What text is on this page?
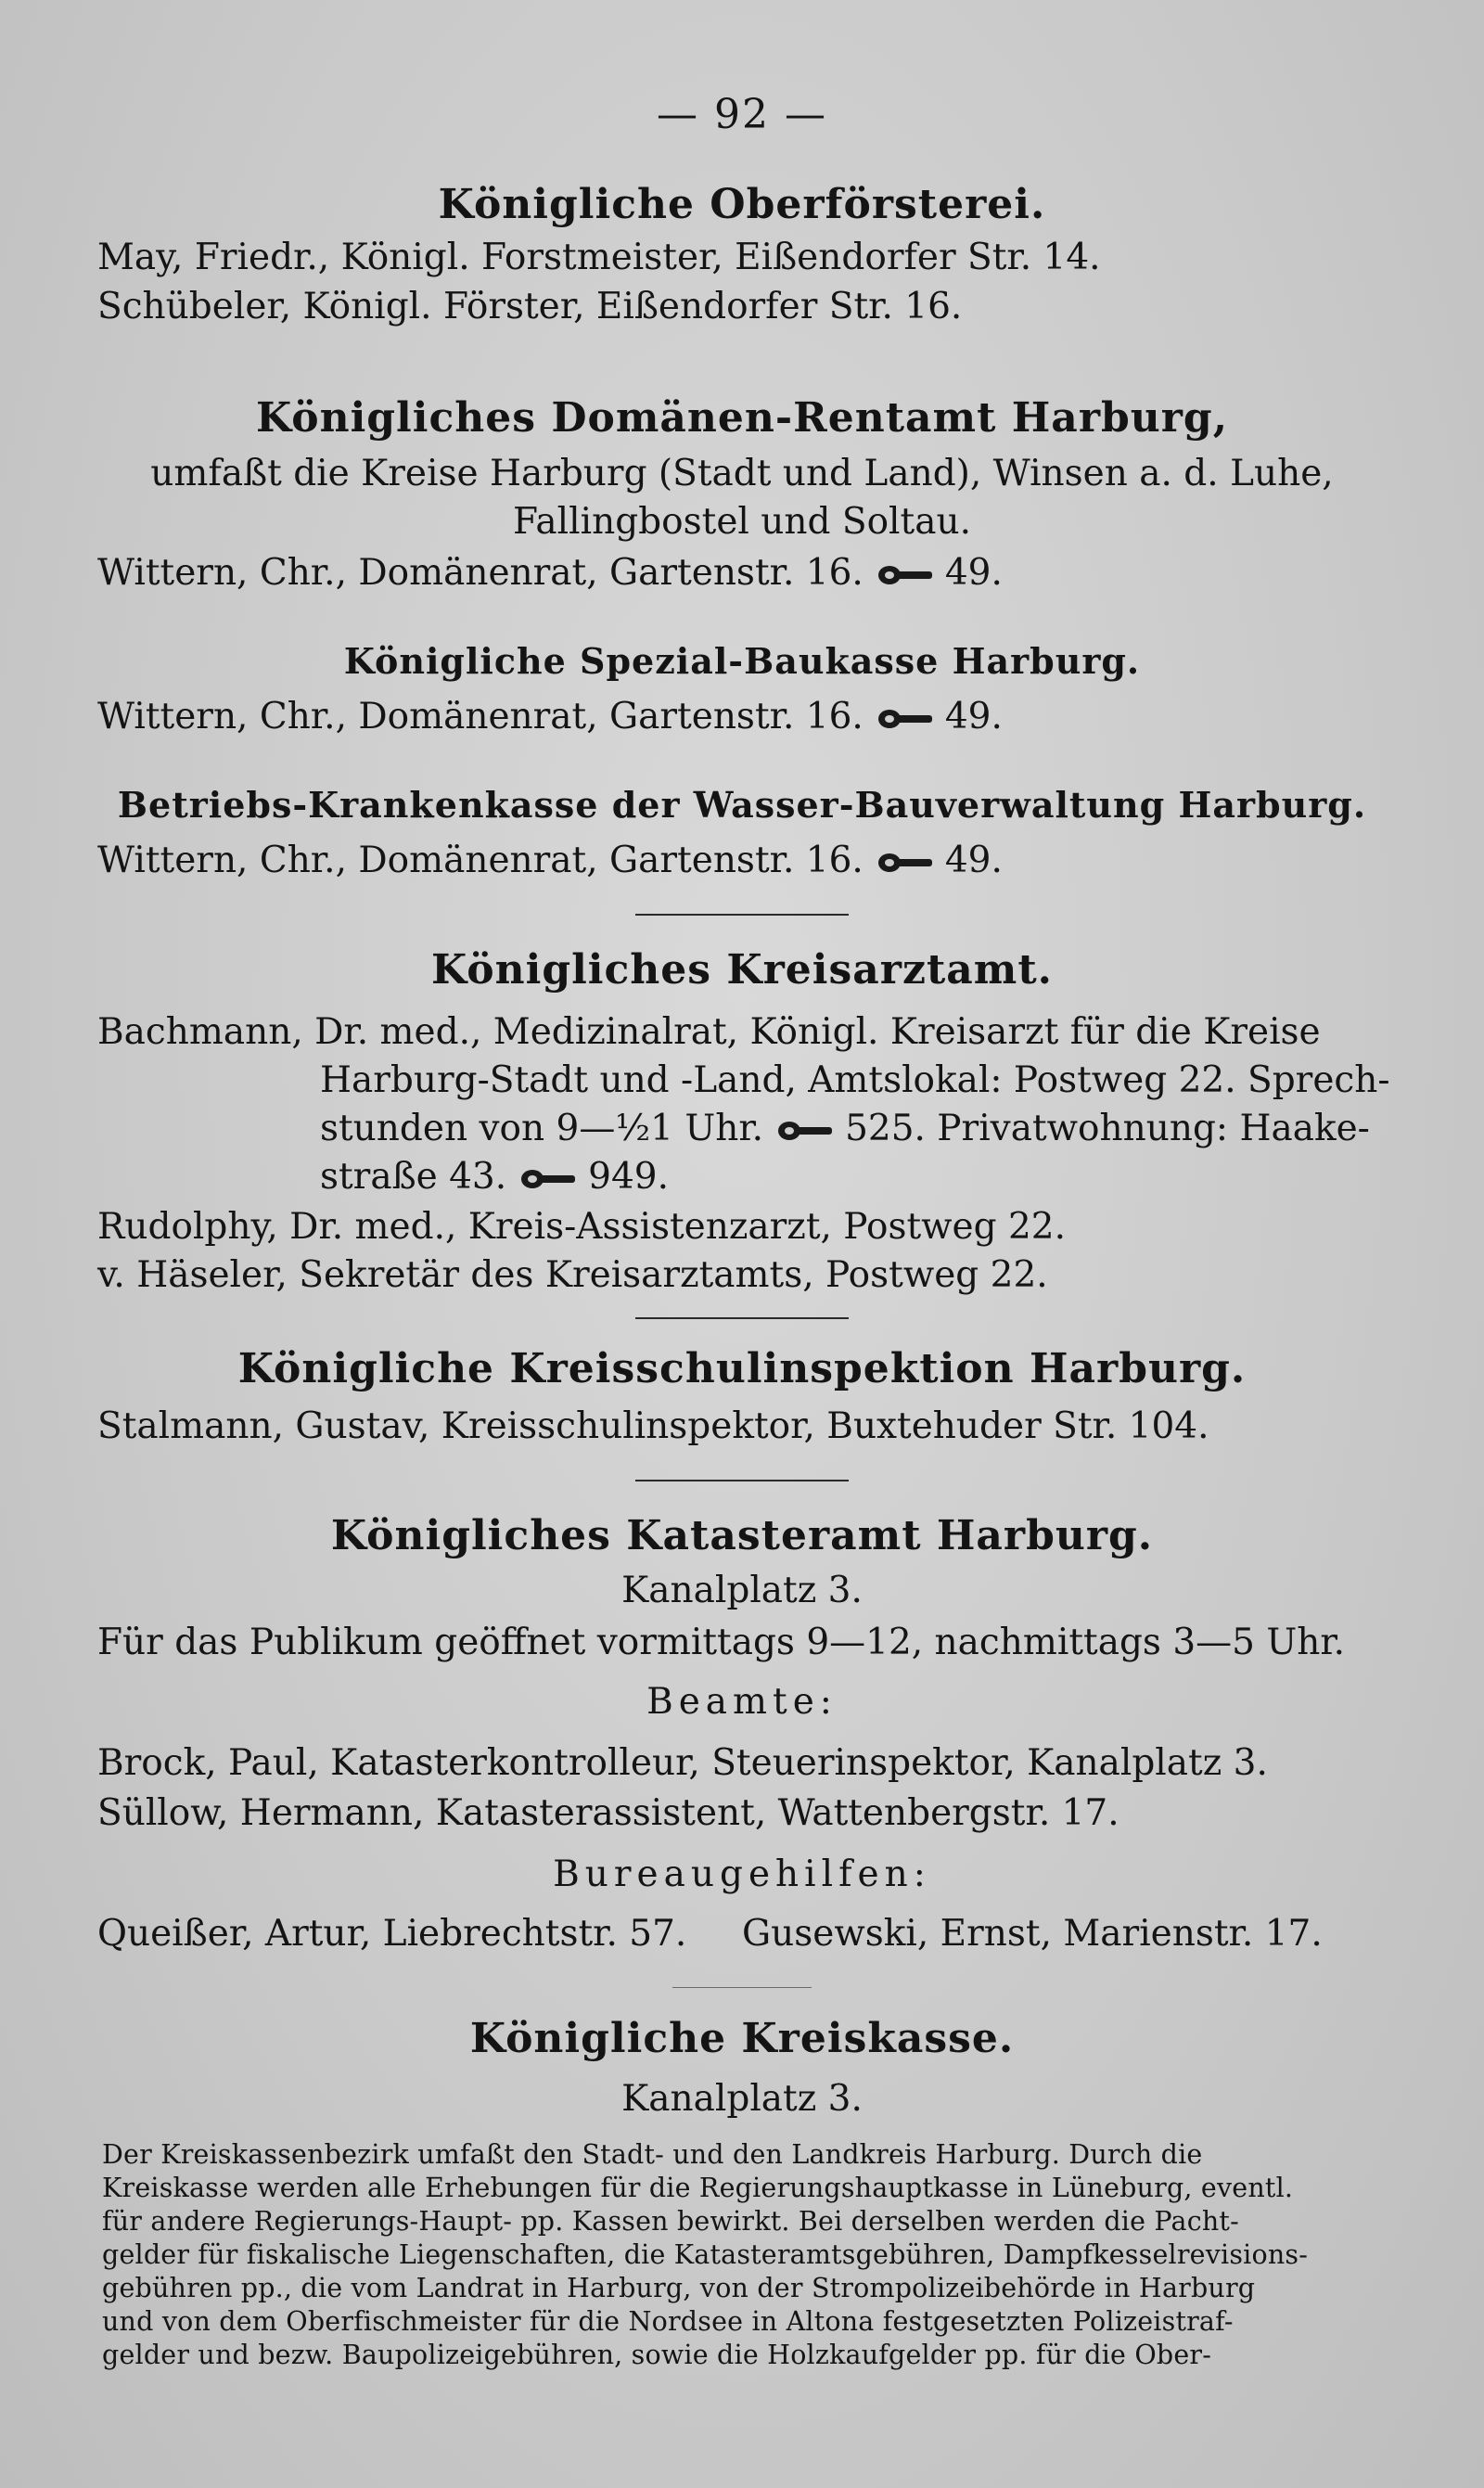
— 92 —
Königliche Oberförsterei.
May, Friedr., Königl. Forstmeister, Eißendorfer Str. 14.
Schübeler, Königl. Förster, Eißendorfer Str. 16.
Königliches Domänen-Rentamt Harburg,
umfaßt die Kreise Harburg (Stadt und Land), Winsen a. d. Luhe,
Fallingbostel und Soltau.
Wittern, Chr., Domänenrat, Gartenstr. 16. 49.
Königliche Spezial-Baukasse Harburg.
Wittern, Chr., Domänenrat, Gartenstr. 16. 49.
Betriebs-Krankenkasse der Wasser-Bauverwaltung Harburg.
Wittern, Chr., Domänenrat, Gartenstr. 16. 49.
Königliches Kreisarztamt.
Bachmann, Dr. med., Medizinalrat, Königl. Kreisarzt für die Kreise
Harburg-Stadt und -Land, Amtslokal: Postweg 22. Sprech-
stunden von 9—½1 Uhr. 525. Privatwohnung: Haake-
straße 43. 949.
Rudolphy, Dr. med., Kreis-Assistenzarzt, Postweg 22.
v. Häseler, Sekretär des Kreisarztamts, Postweg 22.
Königliche Kreisschulinspektion Harburg.
Stalmann, Gustav, Kreisschulinspektor, Buxtehuder Str. 104.
Königliches Katasteramt Harburg.
Kanalplatz 3.
Für das Publikum geöffnet vormittags 9—12, nachmittags 3—5 Uhr.
Beamte:
Brock, Paul, Katasterkontrolleur, Steuerinspektor, Kanalplatz 3.
Süllow, Hermann, Katasterassistent, Wattenbergstr. 17.
Bureaugehilfen:
Queißer, Artur, Liebrechtstr. 57. Gusewski, Ernst, Marienstr. 17.
Königliche Kreiskasse.
Kanalplatz 3.
Der Kreiskassenbezirk umfaßt den Stadt- und den Landkreis Harburg. Durch die
Kreiskasse werden alle Erhebungen für die Regierungshauptkasse in Lüneburg, eventl.
für andere Regierungs-Haupt- pp. Kassen bewirkt. Bei derselben werden die Pacht-
gelder für fiskalische Liegenschaften, die Katasteramtsgebühren, Dampfkesselrevisions-
gebühren pp., die vom Landrat in Harburg, von der Strompolizeibehörde in Harburg
und von dem Oberfischmeister für die Nordsee in Altona festgesetzten Polizeistraf-
gelder und bezw. Baupolizeigebühren, sowie die Holzkaufgelder pp. für die Ober-
